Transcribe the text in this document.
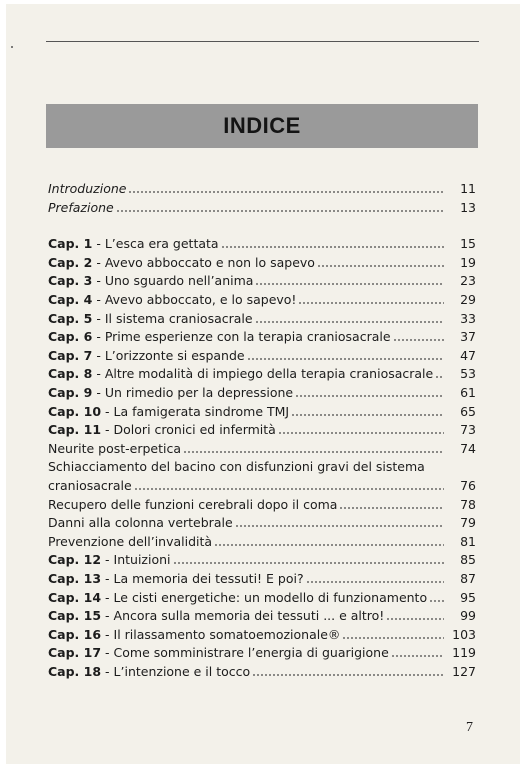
INDICE
Introduzione	11
Prefazione	13
Cap. 1 - L’esca era gettata	15
Cap. 2 - Avevo abboccato e non lo sapevo	19
Cap. 3 - Uno sguardo nell’anima	23
Cap. 4 - Avevo abboccato, e lo sapevo!	29
Cap. 5 - Il sistema craniosacrale	33
Cap. 6 - Prime esperienze con la terapia craniosacrale	37
Cap. 7 - L’orizzonte si espande	47
Cap. 8 - Altre modalità di impiego della terapia craniosacrale	53
Cap. 9 - Un rimedio per la depressione	61
Cap. 10 - La famigerata sindrome TMJ	65
Cap. 11 - Dolori cronici ed infermità	73
Neurite post-erpetica	74
Schiacciamento del bacino con disfunzioni gravi del sistema
craniosacrale	76
Recupero delle funzioni cerebrali dopo il coma	78
Danni alla colonna vertebrale	79
Prevenzione dell’invalidità	81
Cap. 12 - Intuizioni	85
Cap. 13 - La memoria dei tessuti! E poi?	87
Cap. 14 - Le cisti energetiche: un modello di funzionamento	95
Cap. 15 - Ancora sulla memoria dei tessuti ... e altro!	99
Cap. 16 - Il rilassamento somatoemozionale®	103
Cap. 17 - Come somministrare l’energia di guarigione	119
Cap. 18 - L’intenzione e il tocco	127
7
